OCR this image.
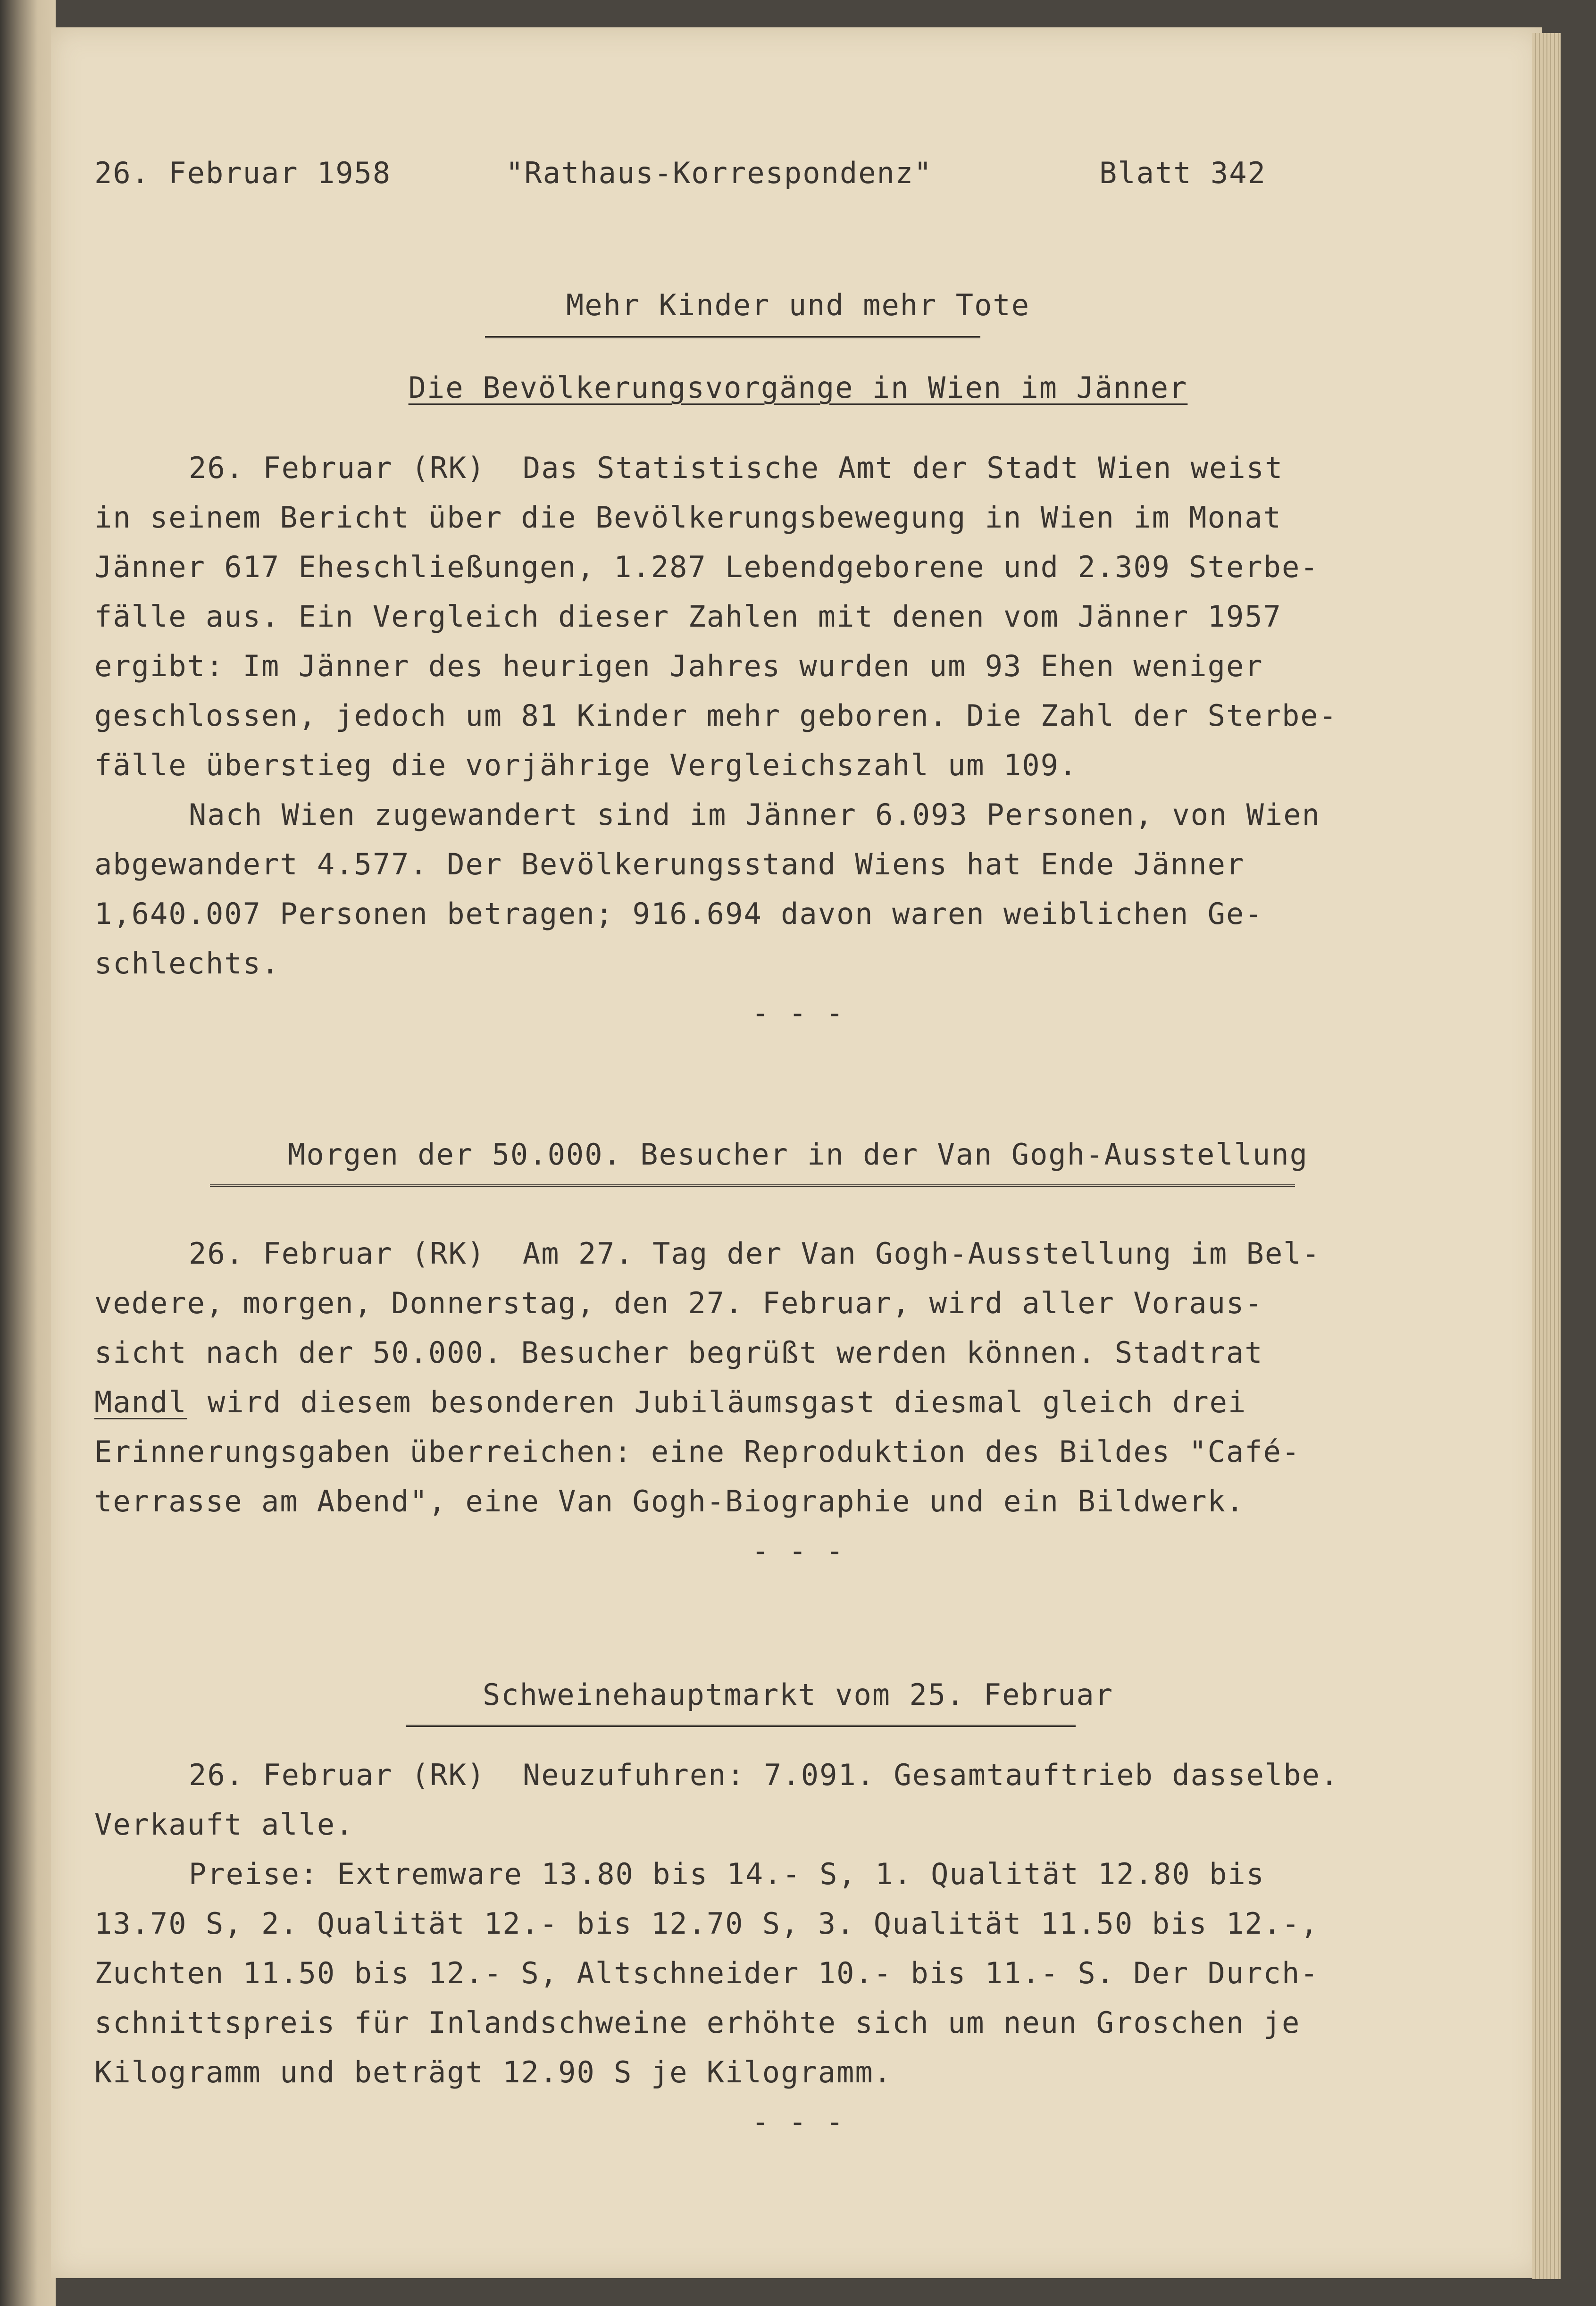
26. Februar 1958	"Rathaus-Korrespondenz"	Blatt 342
Mehr Kinder und mehr Tote
Die Bevölkerungsvorgänge in Wien im Jänner
26. Februar (RK)  Das Statistische Amt der Stadt Wien weist
in seinem Bericht über die Bevölkerungsbewegung in Wien im Monat
Jänner 617 Eheschließungen, 1.287 Lebendgeborene und 2.309 Sterbe-
fälle aus. Ein Vergleich dieser Zahlen mit denen vom Jänner 1957
ergibt: Im Jänner des heurigen Jahres wurden um 93 Ehen weniger
geschlossen, jedoch um 81 Kinder mehr geboren. Die Zahl der Sterbe-
fälle überstieg die vorjährige Vergleichszahl um 109.
Nach Wien zugewandert sind im Jänner 6.093 Personen, von Wien
abgewandert 4.577. Der Bevölkerungsstand Wiens hat Ende Jänner
1,640.007 Personen betragen; 916.694 davon waren weiblichen Ge-
schlechts.
- - -
Morgen der 50.000. Besucher in der Van Gogh-Ausstellung
26. Februar (RK)  Am 27. Tag der Van Gogh-Ausstellung im Bel-
vedere, morgen, Donnerstag, den 27. Februar, wird aller Voraus-
sicht nach der 50.000. Besucher begrüßt werden können. Stadtrat
Mandl wird diesem besonderen Jubiläumsgast diesmal gleich drei
Erinnerungsgaben überreichen: eine Reproduktion des Bildes "Café-
terrasse am Abend", eine Van Gogh-Biographie und ein Bildwerk.
- - -
Schweinehauptmarkt vom 25. Februar
26. Februar (RK)  Neuzufuhren: 7.091. Gesamtauftrieb dasselbe.
Verkauft alle.
Preise: Extremware 13.80 bis 14.- S, 1. Qualität 12.80 bis
13.70 S, 2. Qualität 12.- bis 12.70 S, 3. Qualität 11.50 bis 12.-,
Zuchten 11.50 bis 12.- S, Altschneider 10.- bis 11.- S. Der Durch-
schnittspreis für Inlandschweine erhöhte sich um neun Groschen je
Kilogramm und beträgt 12.90 S je Kilogramm.
- - -
